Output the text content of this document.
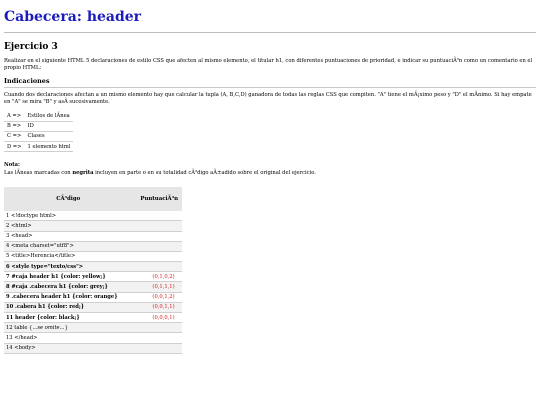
Cabecera: header
Ejercicio 3
Realizar en el siguiente HTML 5 declaraciones de estilo CSS que afecten al mismo elemento, el titular h1, con diferentes puntuaciones de prioridad, e indicar su puntuaciÃ³n como un comentario en el propio HTML:
Indicaciones
Cuando dos declaraciones afectan a un mismo elemento hay que calcular la tupla (A, B,C,D) ganadora de todas las reglas CSS que compiten. "A" tiene el mÃ¡ximo peso y "D" el mÃnimo. Si hay empate en "A" se mira "B" y asÃ sucesivamente.
A =>	Estilos de lÃnea
B =>	ID
C =>	Clases
D =>	1 elemento html
Nota:
Las lÃneas marcadas con negrita incluyen en parte o en su totalidad cÃ³digo aÃ±adido sobre el original del ejercicio.
CÃ³digo	PuntuaciÃ³n
1 <!doctype html>	
2 <html>	
3 <head>	
4 <meta charset="utf8">	
5 <title>Herencia</title>	
6 <style type="texto/css">	
7 #caja header h1 {color: yellow;}	(0,1,0,2)
8 #caja .cabecera h1 {color: grey;}	(0,1,1,1)
9 .cabecera header h1 {color: orange}	(0,0,1,2)
10 .cabera h1 {color: red;}	(0,0,1,1)
11 header {color: black;}	(0,0,0,1)
12 table {...se omite...}	
13 </head>	
14 <body>	
